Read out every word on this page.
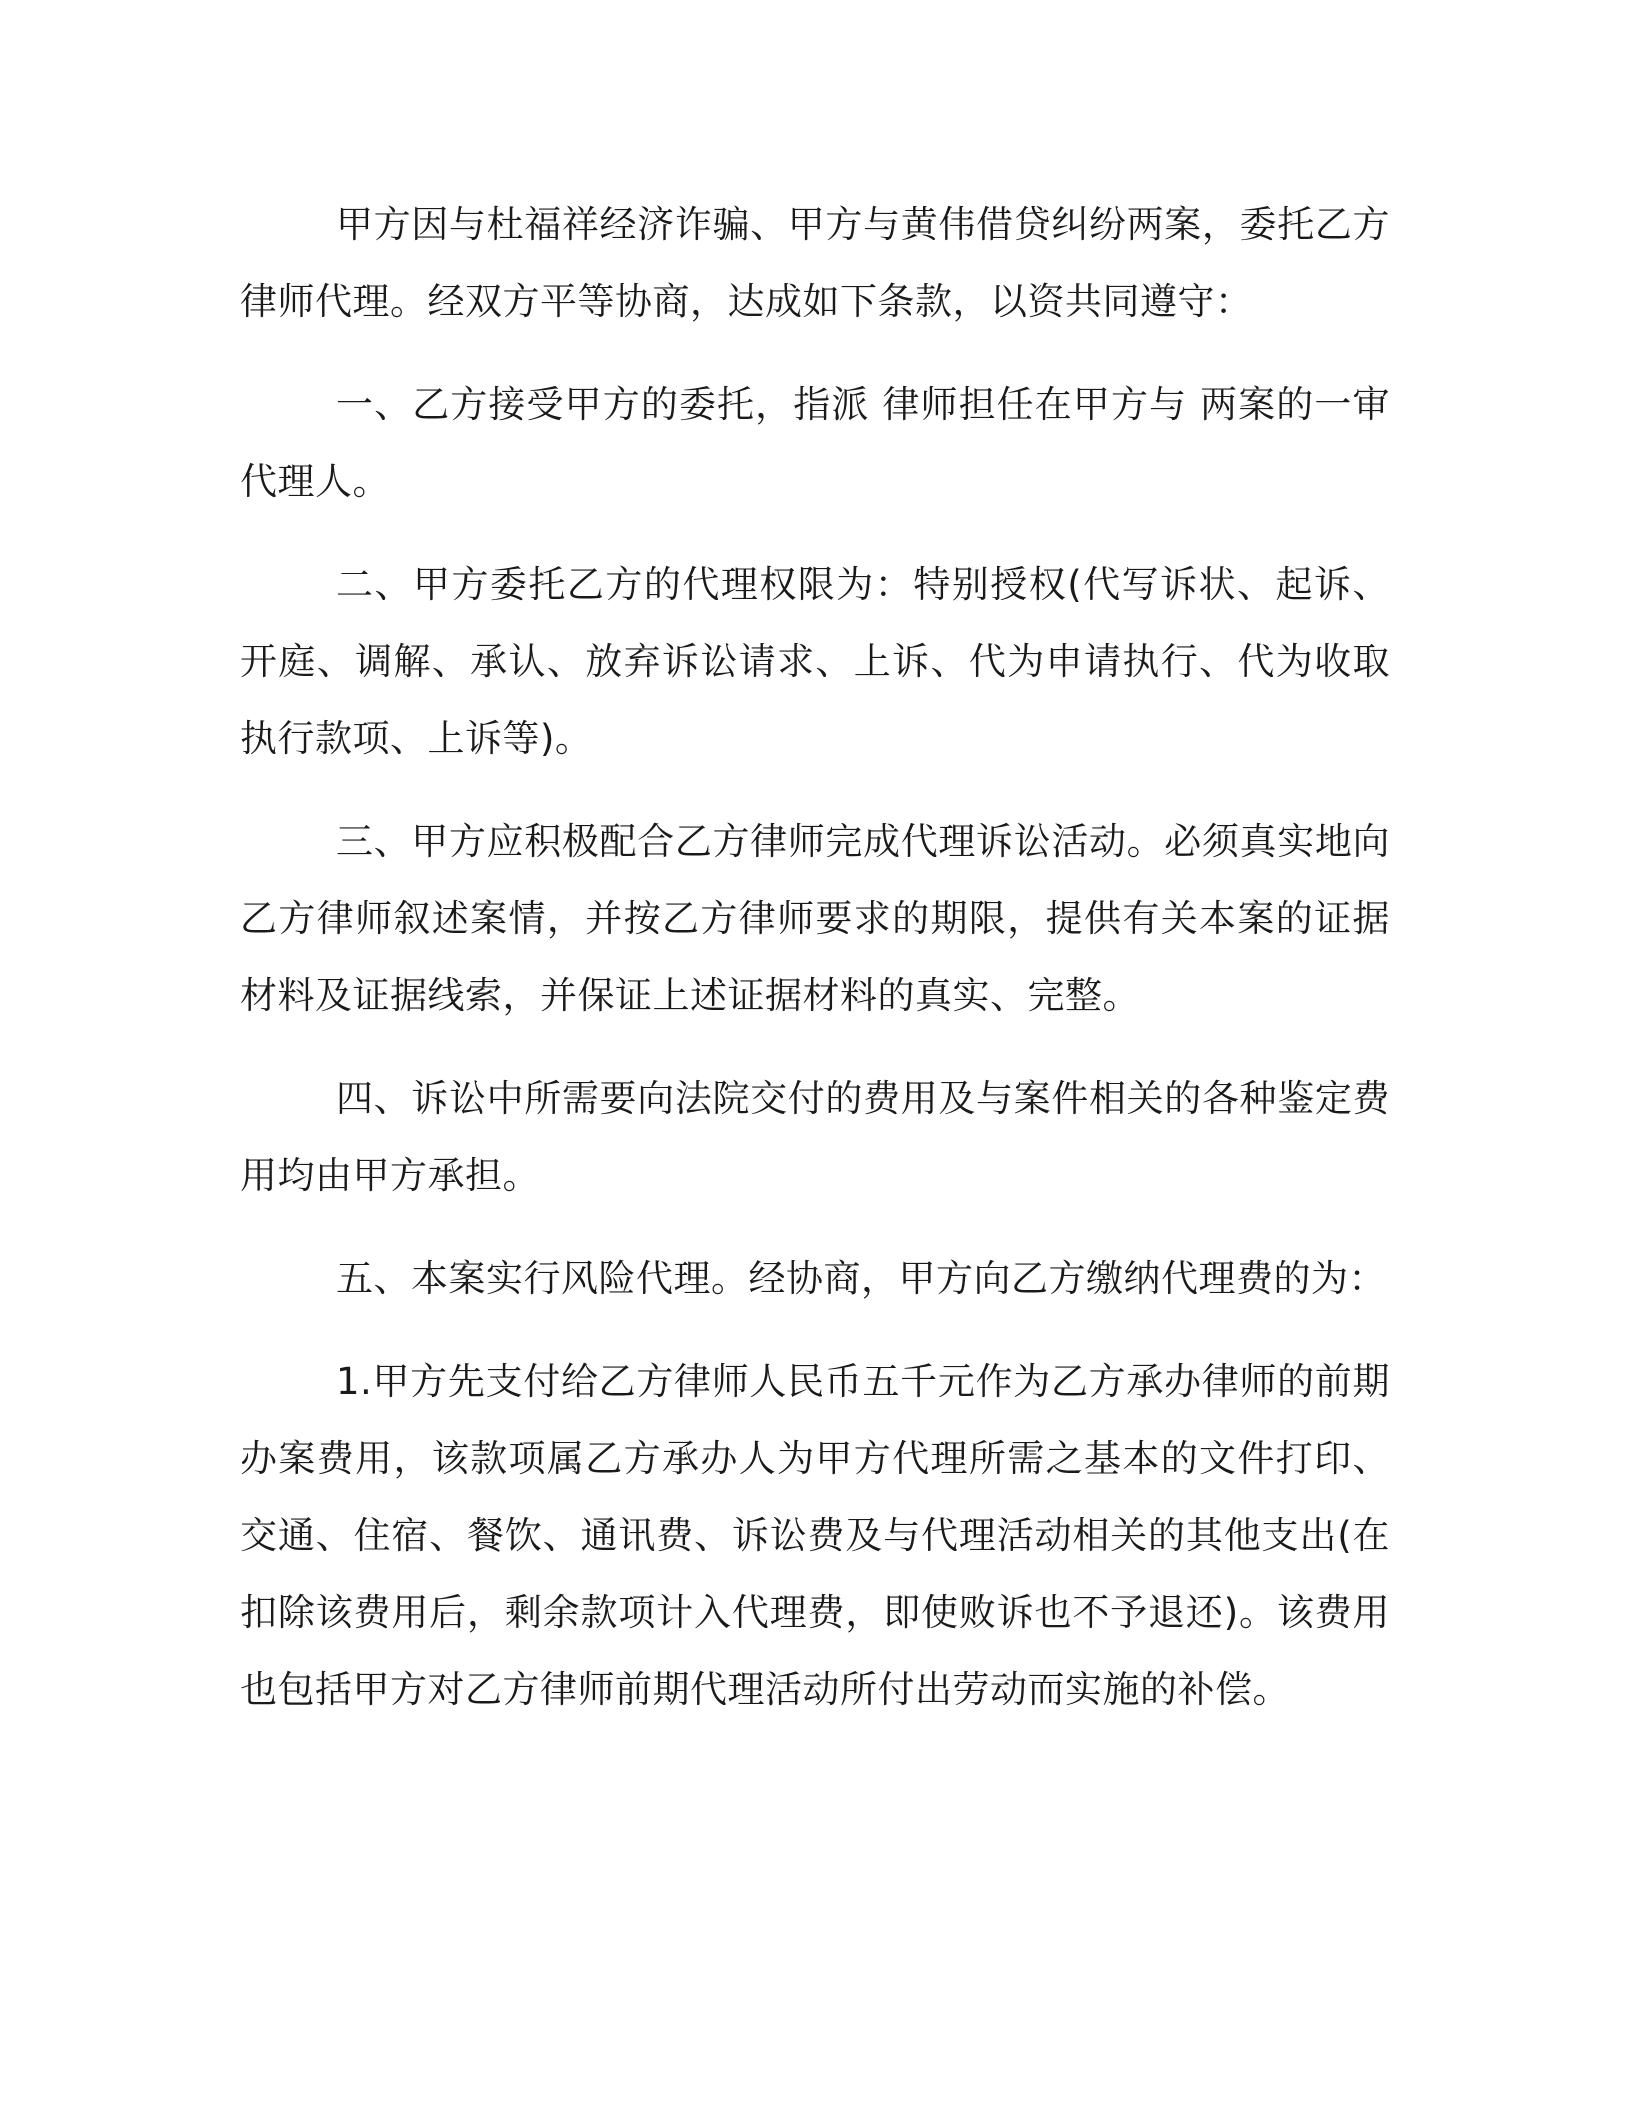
甲方因与杜福祥经济诈骗、甲方与黄伟借贷纠纷两案，委托乙方律师代理。经双方平等协商，达成如下条款，以资共同遵守：

一、乙方接受甲方的委托，指派 律师担任在甲方与 两案的一审代理人。

二、甲方委托乙方的代理权限为：特别授权(代写诉状、起诉、开庭、调解、承认、放弃诉讼请求、上诉、代为申请执行、代为收取执行款项、上诉等)。

三、甲方应积极配合乙方律师完成代理诉讼活动。必须真实地向乙方律师叙述案情，并按乙方律师要求的期限，提供有关本案的证据材料及证据线索，并保证上述证据材料的真实、完整。

四、诉讼中所需要向法院交付的费用及与案件相关的各种鉴定费用均由甲方承担。

五、本案实行风险代理。经协商，甲方向乙方缴纳代理费的为：

1.甲方先支付给乙方律师人民币五千元作为乙方承办律师的前期办案费用，该款项属乙方承办人为甲方代理所需之基本的文件打印、交通、住宿、餐饮、通讯费、诉讼费及与代理活动相关的其他支出(在扣除该费用后，剩余款项计入代理费，即使败诉也不予退还)。该费用也包括甲方对乙方律师前期代理活动所付出劳动而实施的补偿。
